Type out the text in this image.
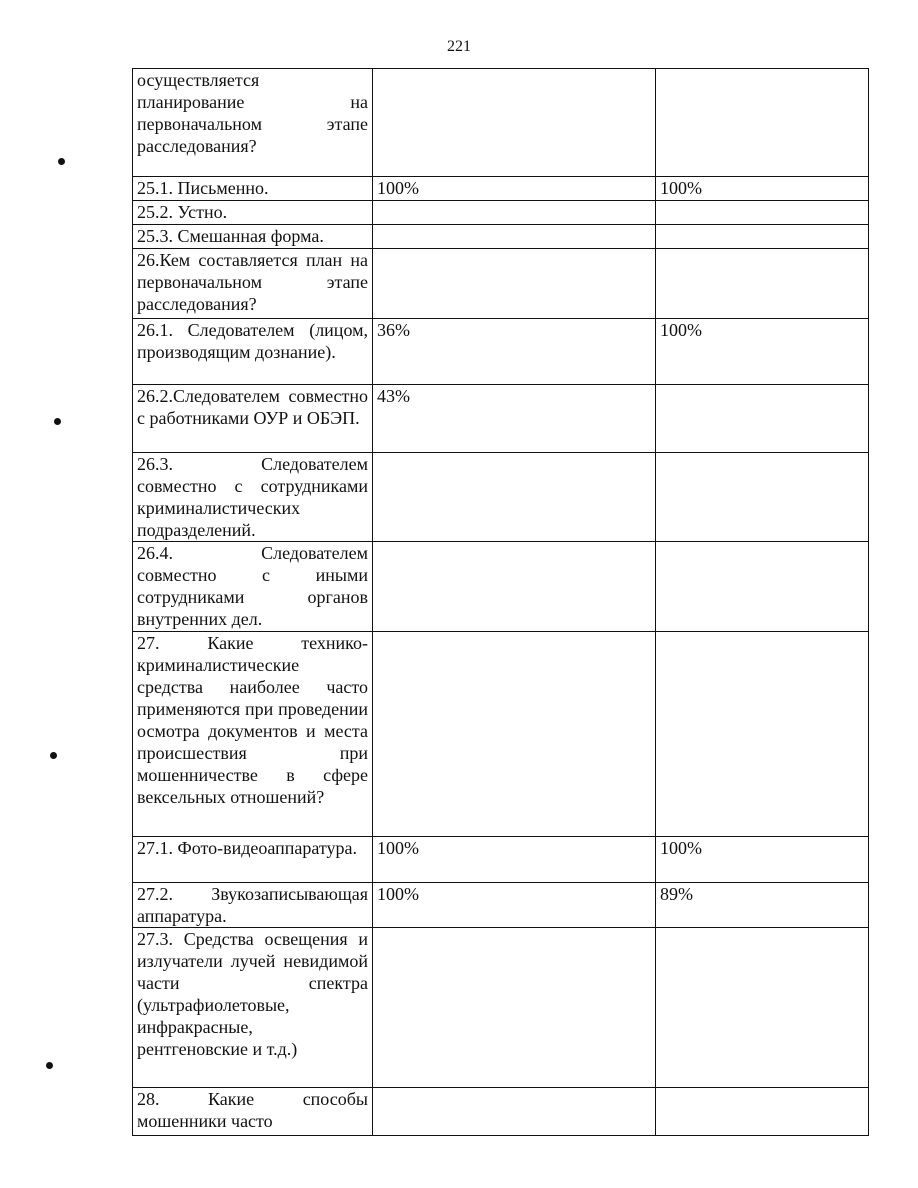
221
осуществляется планирование на первоначальном этапе расследования?		
25.1. Письменно.	100%	100%
25.2. Устно.		
25.3. Смешанная форма.		
26.Кем составляется план на первоначальном этапе расследования?		
26.1. Следователем (лицом, производящим дознание).	36%	100%
26.2.Следователем совместно с работниками ОУР и ОБЭП.	43%	
26.3. Следователем совместно с сотрудниками криминалистических подразделений.		
26.4. Следователем совместно с иными сотрудниками органов внутренних дел.		
27. Какие технико-криминалистические средства наиболее часто применяются при проведении осмотра документов и места происшествия при мошенничестве в сфере вексельных отношений?		
27.1. Фото-видеоаппаратура.	100%	100%
27.2. Звукозаписывающая аппаратура.	100%	89%
27.3. Средства освещения и излучатели лучей невидимой части спектра (ультрафиолетовые, инфракрасные, рентгеновские и т.д.)		
28. Какие способы мошенники часто		
